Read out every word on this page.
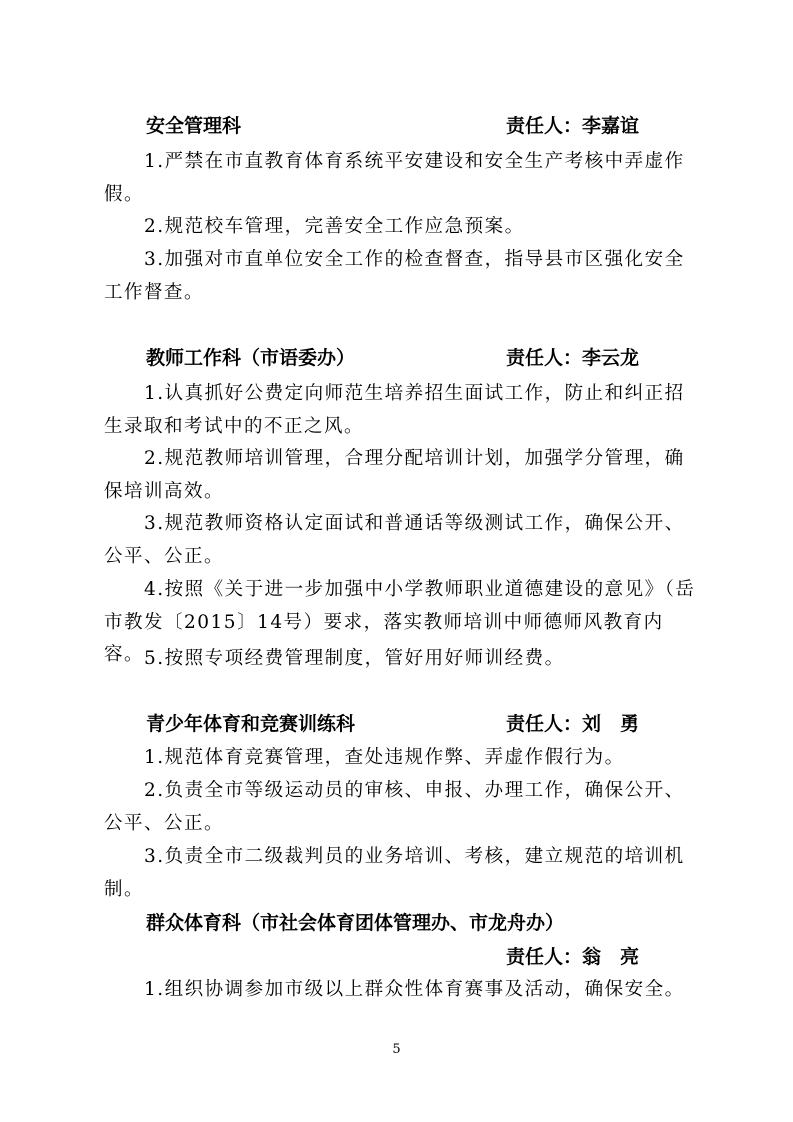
安全管理科	责任人：李嘉谊
1.严禁在市直教育体育系统平安建设和安全生产考核中弄虚作假。
2.规范校车管理，完善安全工作应急预案。
3.加强对市直单位安全工作的检查督查，指导县市区强化安全工作督查。
教师工作科（市语委办）	责任人：李云龙
1.认真抓好公费定向师范生培养招生面试工作，防止和纠正招生录取和考试中的不正之风。
2.规范教师培训管理，合理分配培训计划，加强学分管理，确保培训高效。
3.规范教师资格认定面试和普通话等级测试工作，确保公开、公平、公正。
4.按照《关于进一步加强中小学教师职业道德建设的意见》（岳市教发〔2015〕14号）要求，落实教师培训中师德师风教育内容。 5.按照专项经费管理制度，管好用好师训经费。
青少年体育和竞赛训练科	责任人：刘　勇
1.规范体育竞赛管理，查处违规作弊、弄虚作假行为。
2.负责全市等级运动员的审核、申报、办理工作，确保公开、公平、公正。
3.负责全市二级裁判员的业务培训、考核，建立规范的培训机制。
群众体育科（市社会体育团体管理办、市龙舟办）
责任人：翁　亮
1.组织协调参加市级以上群众性体育赛事及活动，确保安全。
5
